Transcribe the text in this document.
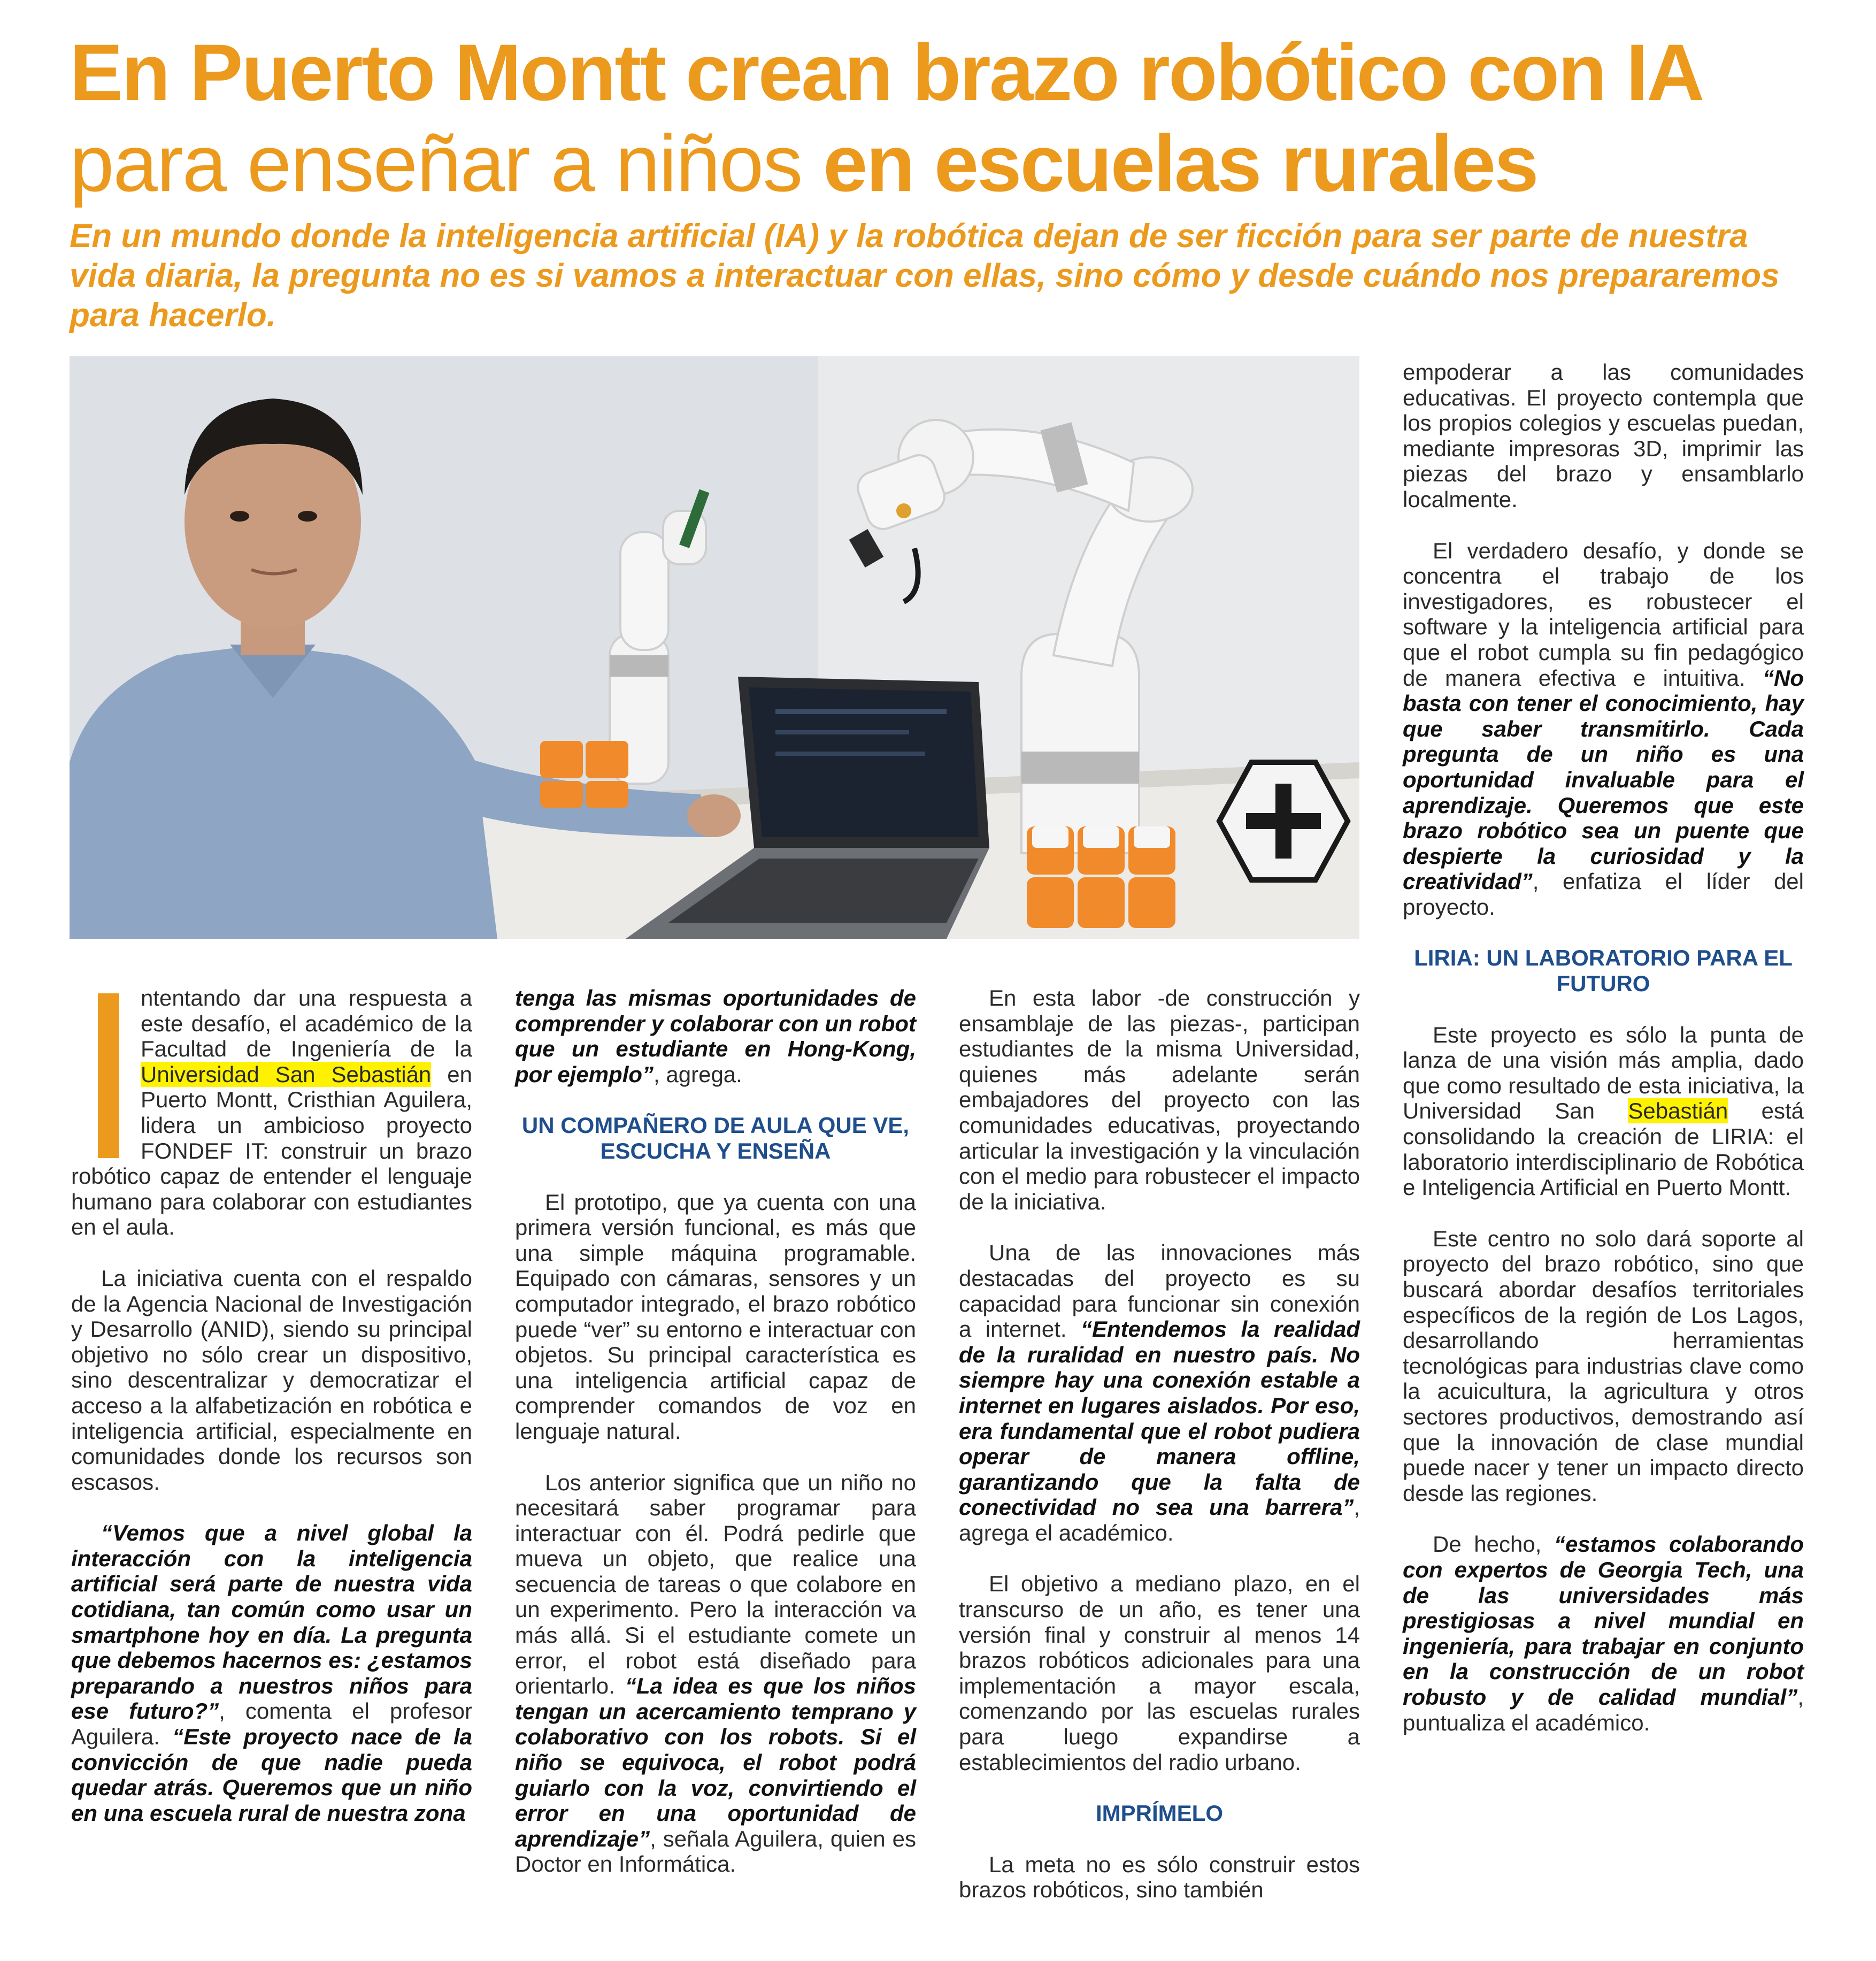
En Puerto Montt crean brazo robótico con IA
para enseñar a niños en escuelas rurales
En un mundo donde la inteligencia artificial (IA) y la robótica dejan de ser ficción para ser parte de nuestra vida diaria, la pregunta no es si vamos a interactuar con ellas, sino cómo y desde cuándo nos prepararemos para hacerlo.

ntentando dar una respuesta a este desafío, el académico de la Facultad de Ingeniería de la Universidad San Sebastián en Puerto Montt, Cristhian Aguilera, lidera un ambicioso proyecto FONDEF IT: construir un brazo robótico capaz de entender el lenguaje humano para colaborar con estudiantes en el aula.

La iniciativa cuenta con el respaldo de la Agencia Nacional de Investigación y Desarrollo (ANID), siendo su principal objetivo no sólo crear un dispositivo, sino descentralizar y democratizar el acceso a la alfabetización en robótica e inteligencia artificial, especialmente en comunidades donde los recursos son escasos.

“Vemos que a nivel global la interacción con la inteligencia artificial será parte de nuestra vida cotidiana, tan común como usar un smartphone hoy en día. La pregunta que debemos hacernos es: ¿estamos preparando a nuestros niños para ese futuro?”, comenta el profesor Aguilera. “Este proyecto nace de la convicción de que nadie pueda quedar atrás. Queremos que un niño en una escuela rural de nuestra zona

tenga las mismas oportunidades de comprender y colaborar con un robot que un estudiante en Hong-Kong, por ejemplo”, agrega.

UN COMPAÑERO DE AULA QUE VE, ESCUCHA Y ENSEÑA

El prototipo, que ya cuenta con una primera versión funcional, es más que una simple máquina programable. Equipado con cámaras, sensores y un computador integrado, el brazo robótico puede “ver” su entorno e interactuar con objetos. Su principal característica es una inteligencia artificial capaz de comprender comandos de voz en lenguaje natural.

Los anterior significa que un niño no necesitará saber programar para interactuar con él. Podrá pedirle que mueva un objeto, que realice una secuencia de tareas o que colabore en un experimento. Pero la interacción va más allá. Si el estudiante comete un error, el robot está diseñado para orientarlo. “La idea es que los niños tengan un acercamiento temprano y colaborativo con los robots. Si el niño se equivoca, el robot podrá guiarlo con la voz, convirtiendo el error en una oportunidad de aprendizaje”, señala Aguilera, quien es Doctor en Informática.

En esta labor -de construcción y ensamblaje de las piezas-, participan estudiantes de la misma Universidad, quienes más adelante serán embajadores del proyecto con las comunidades educativas, proyectando articular la investigación y la vinculación con el medio para robustecer el impacto de la iniciativa.

Una de las innovaciones más destacadas del proyecto es su capacidad para funcionar sin conexión a internet. “Entendemos la realidad de la ruralidad en nuestro país. No siempre hay una conexión estable a internet en lugares aislados. Por eso, era fundamental que el robot pudiera operar de manera offline, garantizando que la falta de conectividad no sea una barrera”, agrega el académico.

El objetivo a mediano plazo, en el transcurso de un año, es tener una versión final y construir al menos 14 brazos robóticos adicionales para una implementación a mayor escala, comenzando por las escuelas rurales para luego expandirse a establecimientos del radio urbano.

IMPRÍMELO

La meta no es sólo construir estos brazos robóticos, sino también

empoderar a las comunidades educativas. El proyecto contempla que los propios colegios y escuelas puedan, mediante impresoras 3D, imprimir las piezas del brazo y ensamblarlo localmente.

El verdadero desafío, y donde se concentra el trabajo de los investigadores, es robustecer el software y la inteligencia artificial para que el robot cumpla su fin pedagógico de manera efectiva e intuitiva. “No basta con tener el conocimiento, hay que saber transmitirlo. Cada pregunta de un niño es una oportunidad invaluable para el aprendizaje. Queremos que este brazo robótico sea un puente que despierte la curiosidad y la creatividad”, enfatiza el líder del proyecto.

LIRIA: UN LABORATORIO PARA EL FUTURO

Este proyecto es sólo la punta de lanza de una visión más amplia, dado que como resultado de esta iniciativa, la Universidad San Sebastián está consolidando la creación de LIRIA: el laboratorio interdisciplinario de Robótica e Inteligencia Artificial en Puerto Montt.

Este centro no solo dará soporte al proyecto del brazo robótico, sino que buscará abordar desafíos territoriales específicos de la región de Los Lagos, desarrollando herramientas tecnológicas para industrias clave como la acuicultura, la agricultura y otros sectores productivos, demostrando así que la innovación de clase mundial puede nacer y tener un impacto directo desde las regiones.

De hecho, “estamos colaborando con expertos de Georgia Tech, una de las universidades más prestigiosas a nivel mundial en ingeniería, para trabajar en conjunto en la construcción de un robot robusto y de calidad mundial”, puntualiza el académico.
